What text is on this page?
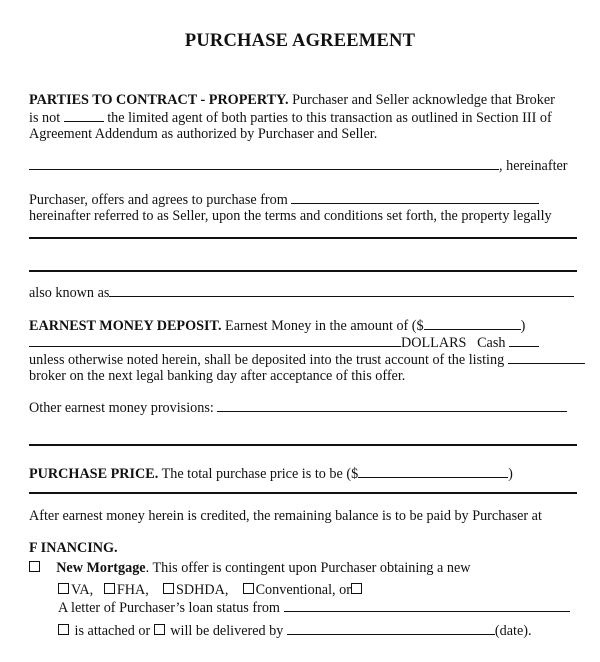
PURCHASE AGREEMENT
PARTIES TO CONTRACT - PROPERTY. Purchaser and Seller acknowledge that Broker
is not	the limited agent of both parties to this transaction as outlined in Section III of
Agreement Addendum as authorized by Purchaser and Seller.
, hereinafter
Purchaser, offers and agrees to purchase from
hereinafter referred to as Seller, upon the terms and conditions set forth, the property legally
also known as
EARNEST MONEY DEPOSIT. Earnest Money in the amount of ($	)
DOLLARS Cash
unless otherwise noted herein, shall be deposited into the trust account of the listing
broker on the next legal banking day after acceptance of this offer.
Other earnest money provisions:
PURCHASE PRICE. The total purchase price is to be ($	)
After earnest money herein is credited, the remaining balance is to be paid by Purchaser at
F INANCING.
New Mortgage. This offer is contingent upon Purchaser obtaining a new
VA, FHA, SDHDA, Conventional, or
A letter of Purchaser’s loan status from
is attached or will be delivered by	(date).
